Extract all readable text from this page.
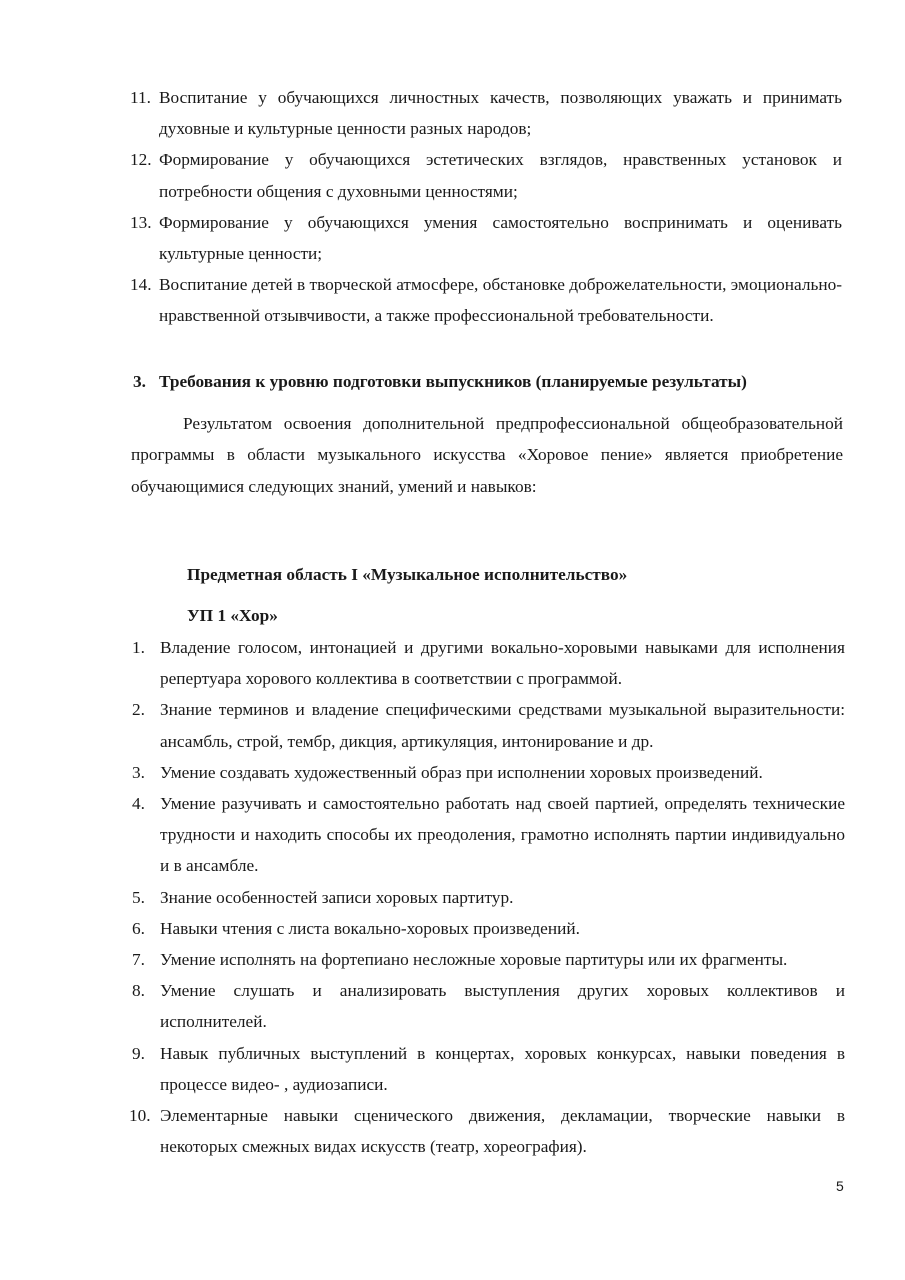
11. Воспитание у обучающихся личностных качеств, позволяющих уважать и принимать духовные и культурные ценности разных народов;
12. Формирование у обучающихся эстетических взглядов, нравственных установок и потребности общения с духовными ценностями;
13. Формирование у обучающихся умения самостоятельно воспринимать и оценивать культурные ценности;
14. Воспитание детей в творческой атмосфере, обстановке доброжелательности, эмоционально-нравственной отзывчивости, а также профессиональной требовательности.
3. Требования к уровню подготовки выпускников (планируемые результаты)

Результатом освоения дополнительной предпрофессиональной общеобразовательной программы в области музыкального искусства «Хоровое пение» является приобретение обучающимися следующих знаний, умений и навыков:

Предметная область I «Музыкальное исполнительство»
УП 1 «Хор»
1. Владение голосом, интонацией и другими вокально-хоровыми навыками для исполнения репертуара хорового коллектива в соответствии с программой.
2. Знание терминов и владение специфическими средствами музыкальной выразительности: ансамбль, строй, тембр, дикция, артикуляция, интонирование и др.
3. Умение создавать художественный образ при исполнении хоровых произведений.
4. Умение разучивать и самостоятельно работать над своей партией, определять технические трудности и находить способы их преодоления, грамотно исполнять партии индивидуально и в ансамбле.
5. Знание особенностей записи хоровых партитур.
6. Навыки чтения с листа вокально-хоровых произведений.
7. Умение исполнять на фортепиано несложные хоровые партитуры или их фрагменты.
8. Умение слушать и анализировать выступления других хоровых коллективов и исполнителей.
9. Навык публичных выступлений в концертах, хоровых конкурсах, навыки поведения в процессе видео- , аудиозаписи.
10. Элементарные навыки сценического движения, декламации, творческие навыки в некоторых смежных видах искусств (театр, хореография).
5
